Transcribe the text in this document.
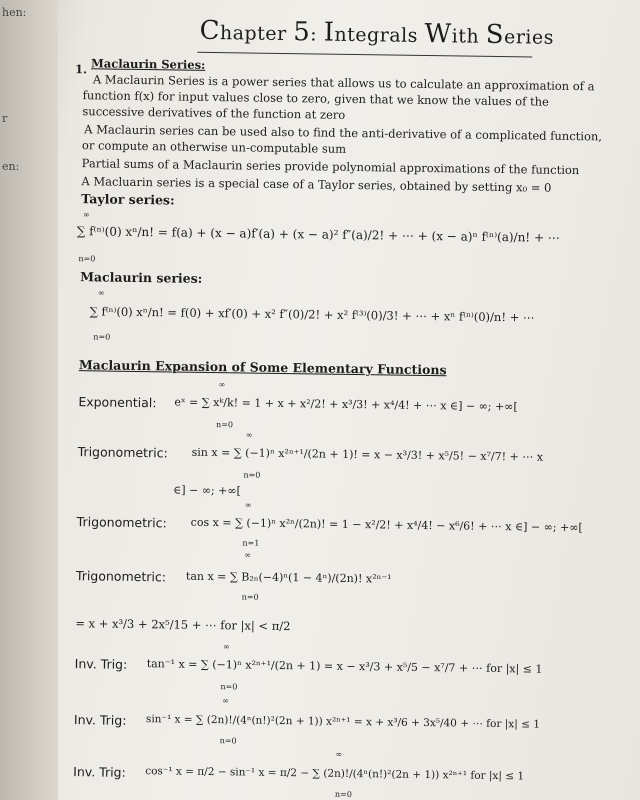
hen:
r
en:
Chapter 5: Integrals With Series
1. Maclaurin Series:
A Maclaurin Series is a power series that allows us to calculate an approximation of a
function f(x) for input values close to zero, given that we know the values of the
successive derivatives of the function at zero
A Maclaurin series can be used also to find the anti-derivative of a complicated function,
or compute an otherwise un-computable sum
Partial sums of a Maclaurin series provide polynomial approximations of the function
A Macluarin series is a special case of a Taylor series, obtained by setting x₀ = 0
Taylor series:
∞
n=0
∑ f⁽ⁿ⁾(0) xⁿ/n! = f(a) + (x − a)f′(a) + (x − a)² f″(a)/2! + ⋯ + (x − a)ⁿ f⁽ⁿ⁾(a)/n! + ⋯
Maclaurin series:
∞
n=0
∑ f⁽ⁿ⁾(0) xⁿ/n! = f(0) + xf′(0) + x² f″(0)/2! + x² f⁽³⁾(0)/3! + ⋯ + xⁿ f⁽ⁿ⁾(0)/n! + ⋯
Maclaurin Expansion of Some Elementary Functions
∞
n=0
Exponential: eˣ = ∑ xᵏ/k! = 1 + x + x²/2! + x³/3! + x⁴/4! + ⋯ x ∈] − ∞; +∞[
∞
n=0
Trigonometric: sin x = ∑ (−1)ⁿ x²ⁿ⁺¹/(2n + 1)! = x − x³/3! + x⁵/5! − x⁷/7! + ⋯ x
∈] − ∞; +∞[
∞
n=1
Trigonometric: cos x = ∑ (−1)ⁿ x²ⁿ/(2n)! = 1 − x²/2! + x⁴/4! − x⁶/6! + ⋯ x ∈] − ∞; +∞[
∞
n=0
Trigonometric: tan x = ∑ B₂ₙ(−4)ⁿ(1 − 4ⁿ)/(2n)! x²ⁿ⁻¹
= x + x³/3 + 2x⁵/15 + ⋯ for |x| < π/2
∞
n=0
Inv. Trig: tan⁻¹ x = ∑ (−1)ⁿ x²ⁿ⁺¹/(2n + 1) = x − x³/3 + x⁵/5 − x⁷/7 + ⋯ for |x| ≤ 1
∞
n=0
Inv. Trig: sin⁻¹ x = ∑ (2n)!/(4ⁿ(n!)²(2n + 1)) x²ⁿ⁺¹ = x + x³/6 + 3x⁵/40 + ⋯ for |x| ≤ 1
∞
n=0
Inv. Trig: cos⁻¹ x = π/2 − sin⁻¹ x = π/2 − ∑ (2n)!/(4ⁿ(n!)²(2n + 1)) x²ⁿ⁺¹ for |x| ≤ 1
